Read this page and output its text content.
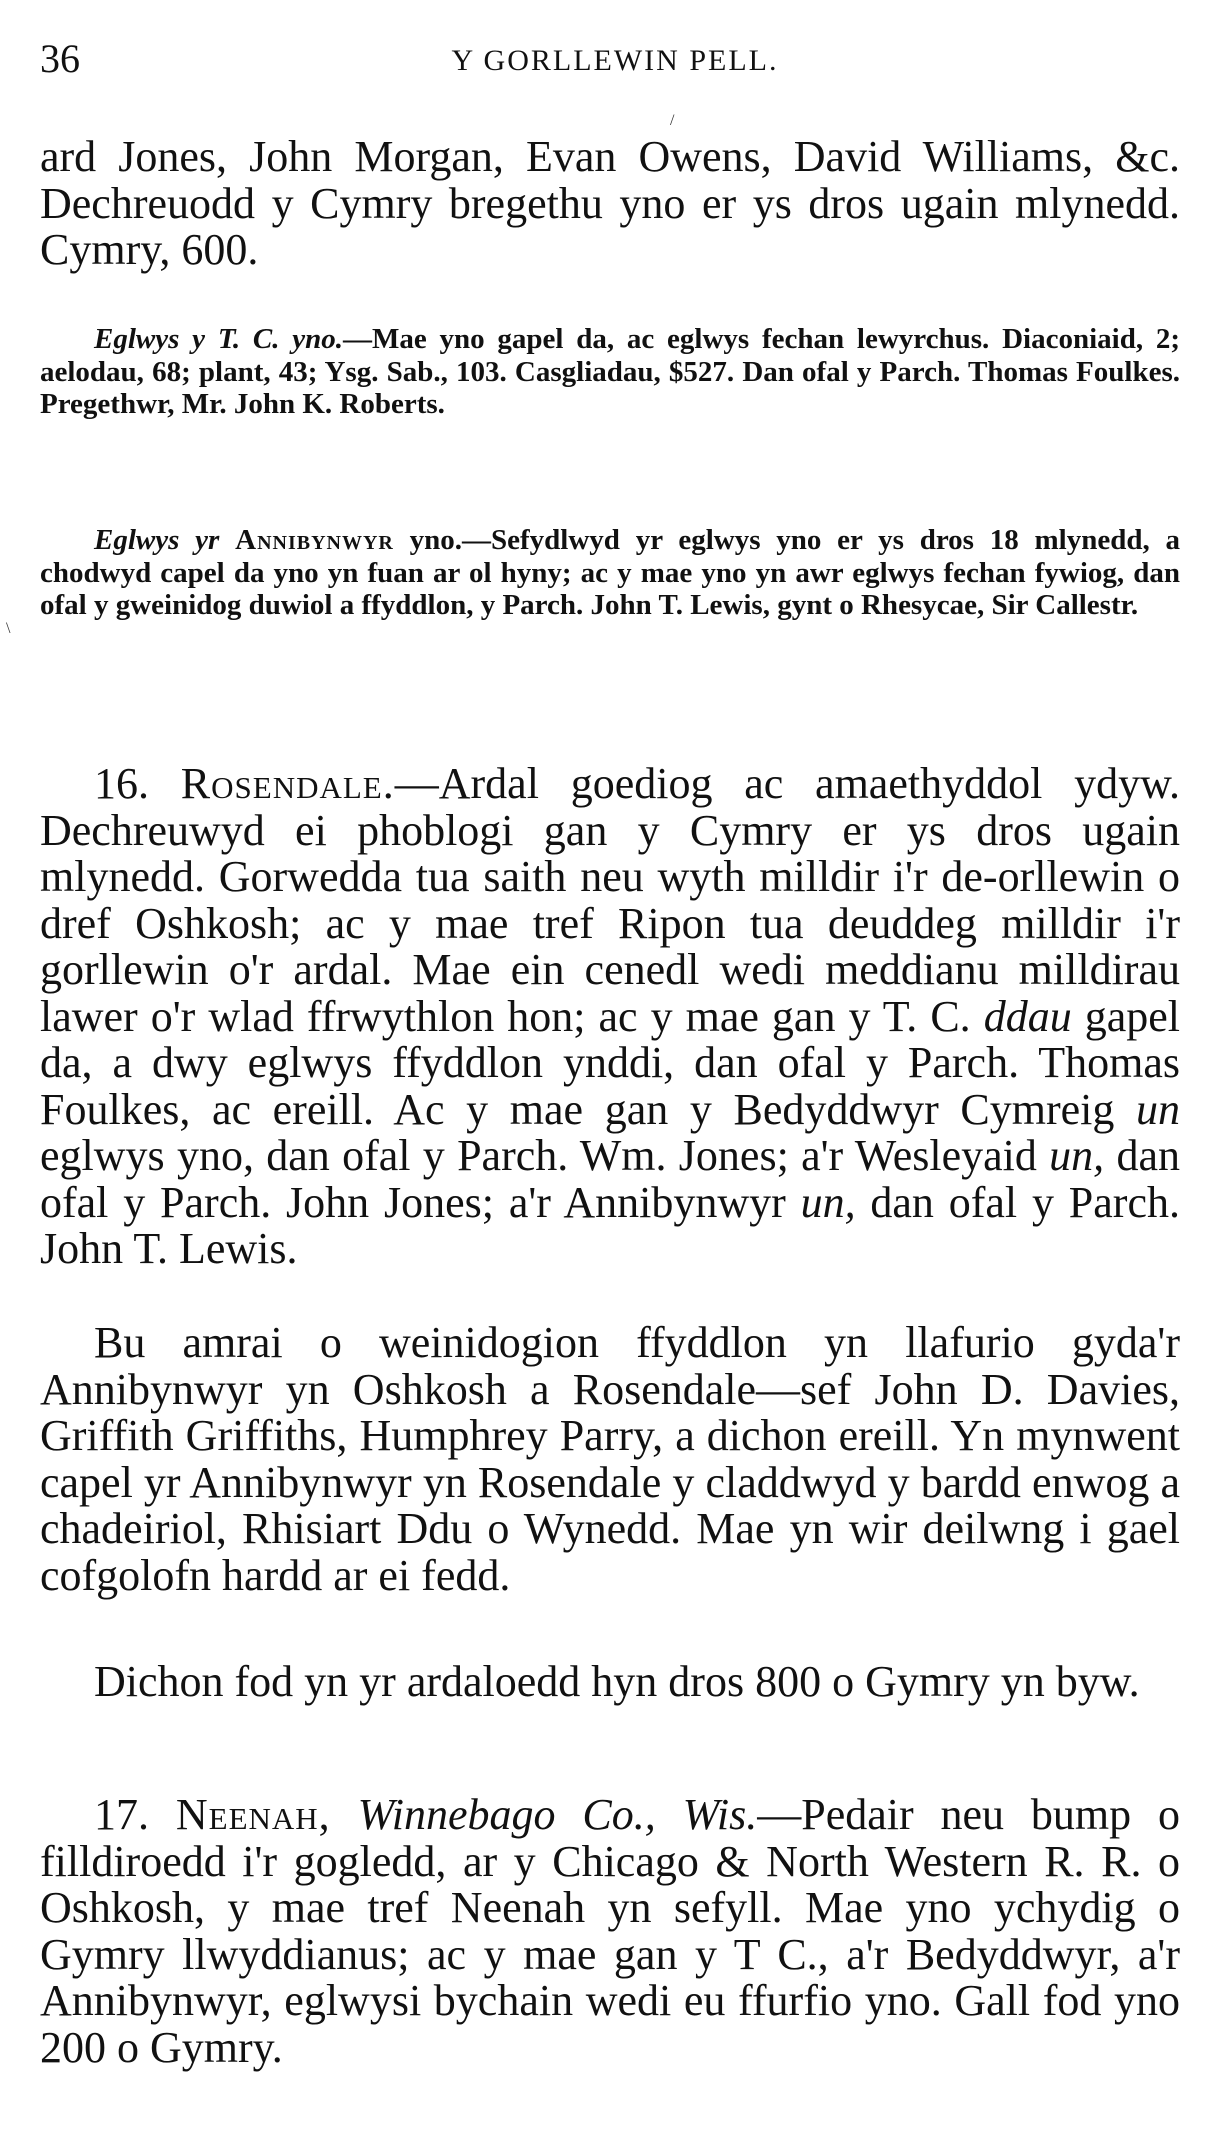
36	Y GORLLEWIN PELL.

ard Jones, John Morgan, Evan Owens, David Williams, &c. Dechreuodd y Cymry bregethu yno er ys dros ugain mlynedd. Cymry, 600.

Eglwys y T. C. yno.—Mae yno gapel da, ac eglwys fechan lewyrchus. Diaconiaid, 2; aelodau, 68; plant, 43; Ysg. Sab., 103. Casgliadau, $527. Dan ofal y Parch. Thomas Foulkes. Pregethwr, Mr. John K. Roberts.

Eglwys yr Annibynwyr yno.—Sefydlwyd yr eglwys yno er ys dros 18 mlynedd, a chodwyd capel da yno yn fuan ar ol hyny; ac y mae yno yn awr eglwys fechan fywiog, dan ofal y gweinidog duwiol a ffyddlon, y Parch. John T. Lewis, gynt o Rhesycae, Sir Callestr.

16. Rosendale.—Ardal goediog ac amaethyddol ydyw. Dechreuwyd ei phoblogi gan y Cymry er ys dros ugain mlynedd. Gorwedda tua saith neu wyth milldir i'r de-orllewin o dref Oshkosh; ac y mae tref Ripon tua deuddeg milldir i'r gorllewin o'r ardal. Mae ein cenedl wedi meddianu milldirau lawer o'r wlad ffrwythlon hon; ac y mae gan y T. C. ddau gapel da, a dwy eglwys ffyddlon ynddi, dan ofal y Parch. Thomas Foulkes, ac ereill. Ac y mae gan y Bedyddwyr Cymreig un eglwys yno, dan ofal y Parch. Wm. Jones; a'r Wesleyaid un, dan ofal y Parch. John Jones; a'r Annibynwyr un, dan ofal y Parch. John T. Lewis.

Bu amrai o weinidogion ffyddlon yn llafurio gyda'r Annibynwyr yn Oshkosh a Rosendale—sef John D. Davies, Griffith Griffiths, Humphrey Parry, a dichon ereill. Yn mynwent capel yr Annibynwyr yn Rosendale y claddwyd y bardd enwog a chadeiriol, Rhisiart Ddu o Wynedd. Mae yn wir deilwng i gael cofgolofn hardd ar ei fedd.

Dichon fod yn yr ardaloedd hyn dros 800 o Gymry yn byw.

17. Neenah, Winnebago Co., Wis.—Pedair neu bump o filldiroedd i'r gogledd, ar y Chicago & North Western R. R. o Oshkosh, y mae tref Neenah yn sefyll. Mae yno ychydig o Gymry llwyddianus; ac y mae gan y T C., a'r Bedyddwyr, a'r Annibynwyr, eglwysi bychain wedi eu ffurfio yno. Gall fod yno 200 o Gymry.

/
\
